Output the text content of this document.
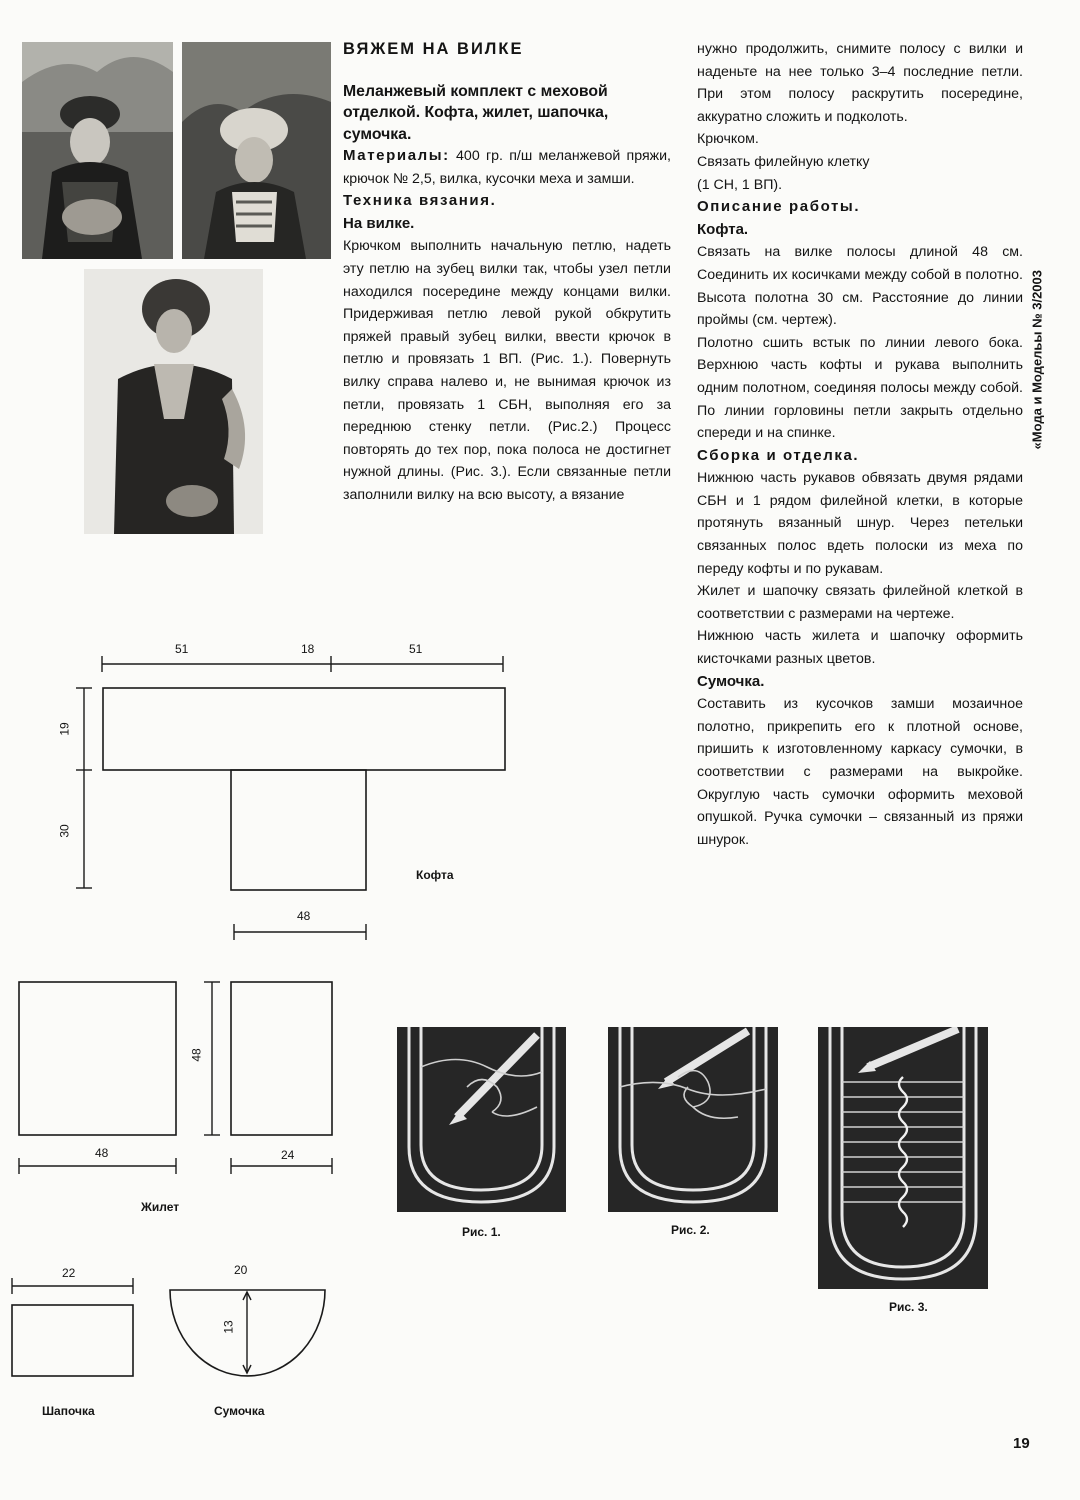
ВЯЖЕМ НА ВИЛКЕ

Меланжевый комплект с меховой отделкой. Кофта, жилет, шапочка, сумочка.

Материалы: 400 гр. п/ш меланжевой пряжи, крючок № 2,5, вилка, кусочки меха и замши.

Техника вязания.

На вилке.

Крючком выполнить начальную петлю, надеть эту петлю на зубец вилки так, чтобы узел петли находился посередине между концами вилки. Придерживая петлю левой рукой обкрутить пряжей правый зубец вилки, ввести крючок в петлю и провязать 1 ВП. (Рис. 1.). Повернуть вилку справа налево и, не вынимая крючок из петли, провязать 1 СБН, выполняя его за переднюю стенку петли. (Рис.2.) Процесс повторять до тех пор, пока полоса не достигнет нужной длины. (Рис. 3.). Если связанные петли заполнили вилку на всю высоту, а вязание

нужно продолжить, снимите полосу с вилки и наденьте на нее только 3–4 последние петли. При этом полосу раскрутить посередине, аккуратно сложить и подколоть.

Крючком.

Связать филейную клетку

(1 СН, 1 ВП).

Описание работы.

Кофта.

Связать на вилке полосы длиной 48 см. Соединить их косичками между собой в полотно. Высота полотна 30 см. Расстояние до линии проймы (см. чертеж).

Полотно сшить встык по линии левого бока. Верхнюю часть кофты и рукава выполнить одним полотном, соединяя полосы между собой. По линии горловины петли закрыть отдельно спереди и на спинке.

Сборка и отделка.

Нижнюю часть рукавов обвязать двумя рядами СБН и 1 рядом филейной клетки, в которые протянуть вязанный шнур. Через петельки связанных полос вдеть полоски из меха по переду кофты и по рукавам.

Жилет и шапочку связать филейной клеткой в соответствии с размерами на чертеже.

Нижнюю часть жилета и шапочку оформить кисточками разных цветов.

Сумочка.

Составить из кусочков замши мозаичное полотно, прикрепить его к плотной основе, пришить к изготовленному каркасу сумочки, в соответствии с размерами на выкройке. Округлую часть сумочки оформить меховой опушкой. Ручка сумочки – связанный из пряжи шнурок.

«Мода и Модельы № 3/2003
51	18	51
19
30
48
Кофта
48
48	24
Жилет
22
Шапочка
20
13
Сумочка
Рис. 1.	Рис. 2.
Рис. 3.
19
